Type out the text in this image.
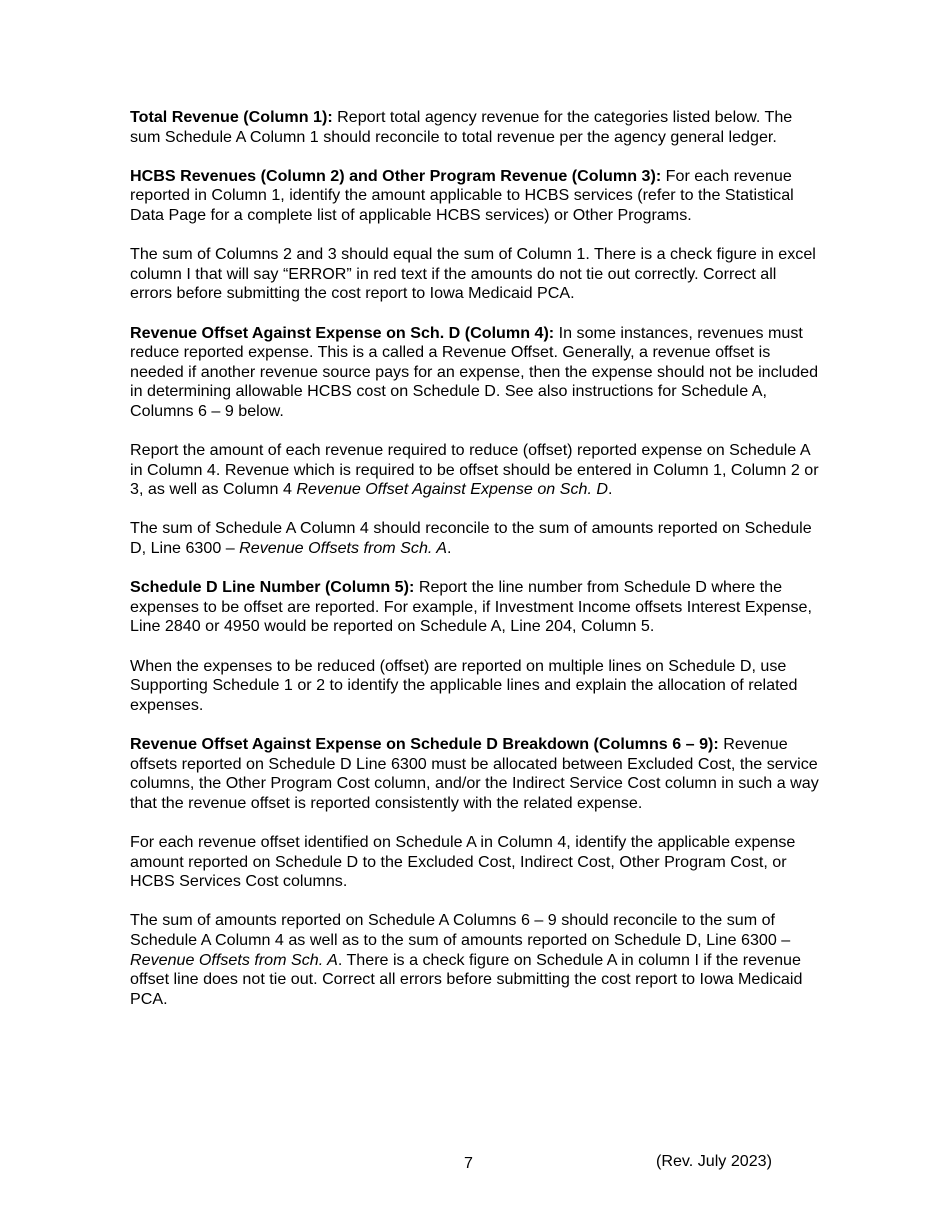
Total Revenue (Column 1): Report total agency revenue for the categories listed below. The sum Schedule A Column 1 should reconcile to total revenue per the agency general ledger.

HCBS Revenues (Column 2) and Other Program Revenue (Column 3): For each revenue reported in Column 1, identify the amount applicable to HCBS services (refer to the Statistical Data Page for a complete list of applicable HCBS services) or Other Programs.

The sum of Columns 2 and 3 should equal the sum of Column 1. There is a check figure in excel column I that will say “ERROR” in red text if the amounts do not tie out correctly. Correct all errors before submitting the cost report to Iowa Medicaid PCA.

Revenue Offset Against Expense on Sch. D (Column 4): In some instances, revenues must reduce reported expense. This is a called a Revenue Offset. Generally, a revenue offset is needed if another revenue source pays for an expense, then the expense should not be included in determining allowable HCBS cost on Schedule D. See also instructions for Schedule A, Columns 6 – 9 below.

Report the amount of each revenue required to reduce (offset) reported expense on Schedule A in Column 4. Revenue which is required to be offset should be entered in Column 1, Column 2 or 3, as well as Column 4 Revenue Offset Against Expense on Sch. D.

The sum of Schedule A Column 4 should reconcile to the sum of amounts reported on Schedule D, Line 6300 – Revenue Offsets from Sch. A.

Schedule D Line Number (Column 5): Report the line number from Schedule D where the expenses to be offset are reported. For example, if Investment Income offsets Interest Expense, Line 2840 or 4950 would be reported on Schedule A, Line 204, Column 5.

When the expenses to be reduced (offset) are reported on multiple lines on Schedule D, use Supporting Schedule 1 or 2 to identify the applicable lines and explain the allocation of related expenses.

Revenue Offset Against Expense on Schedule D Breakdown (Columns 6 – 9): Revenue offsets reported on Schedule D Line 6300 must be allocated between Excluded Cost, the service columns, the Other Program Cost column, and/or the Indirect Service Cost column in such a way that the revenue offset is reported consistently with the related expense.

For each revenue offset identified on Schedule A in Column 4, identify the applicable expense amount reported on Schedule D to the Excluded Cost, Indirect Cost, Other Program Cost, or HCBS Services Cost columns.

The sum of amounts reported on Schedule A Columns 6 – 9 should reconcile to the sum of Schedule A Column 4 as well as to the sum of amounts reported on Schedule D, Line 6300 – Revenue Offsets from Sch. A. There is a check figure on Schedule A in column I if the revenue offset line does not tie out. Correct all errors before submitting the cost report to Iowa Medicaid PCA.

7	(Rev. July 2023)
